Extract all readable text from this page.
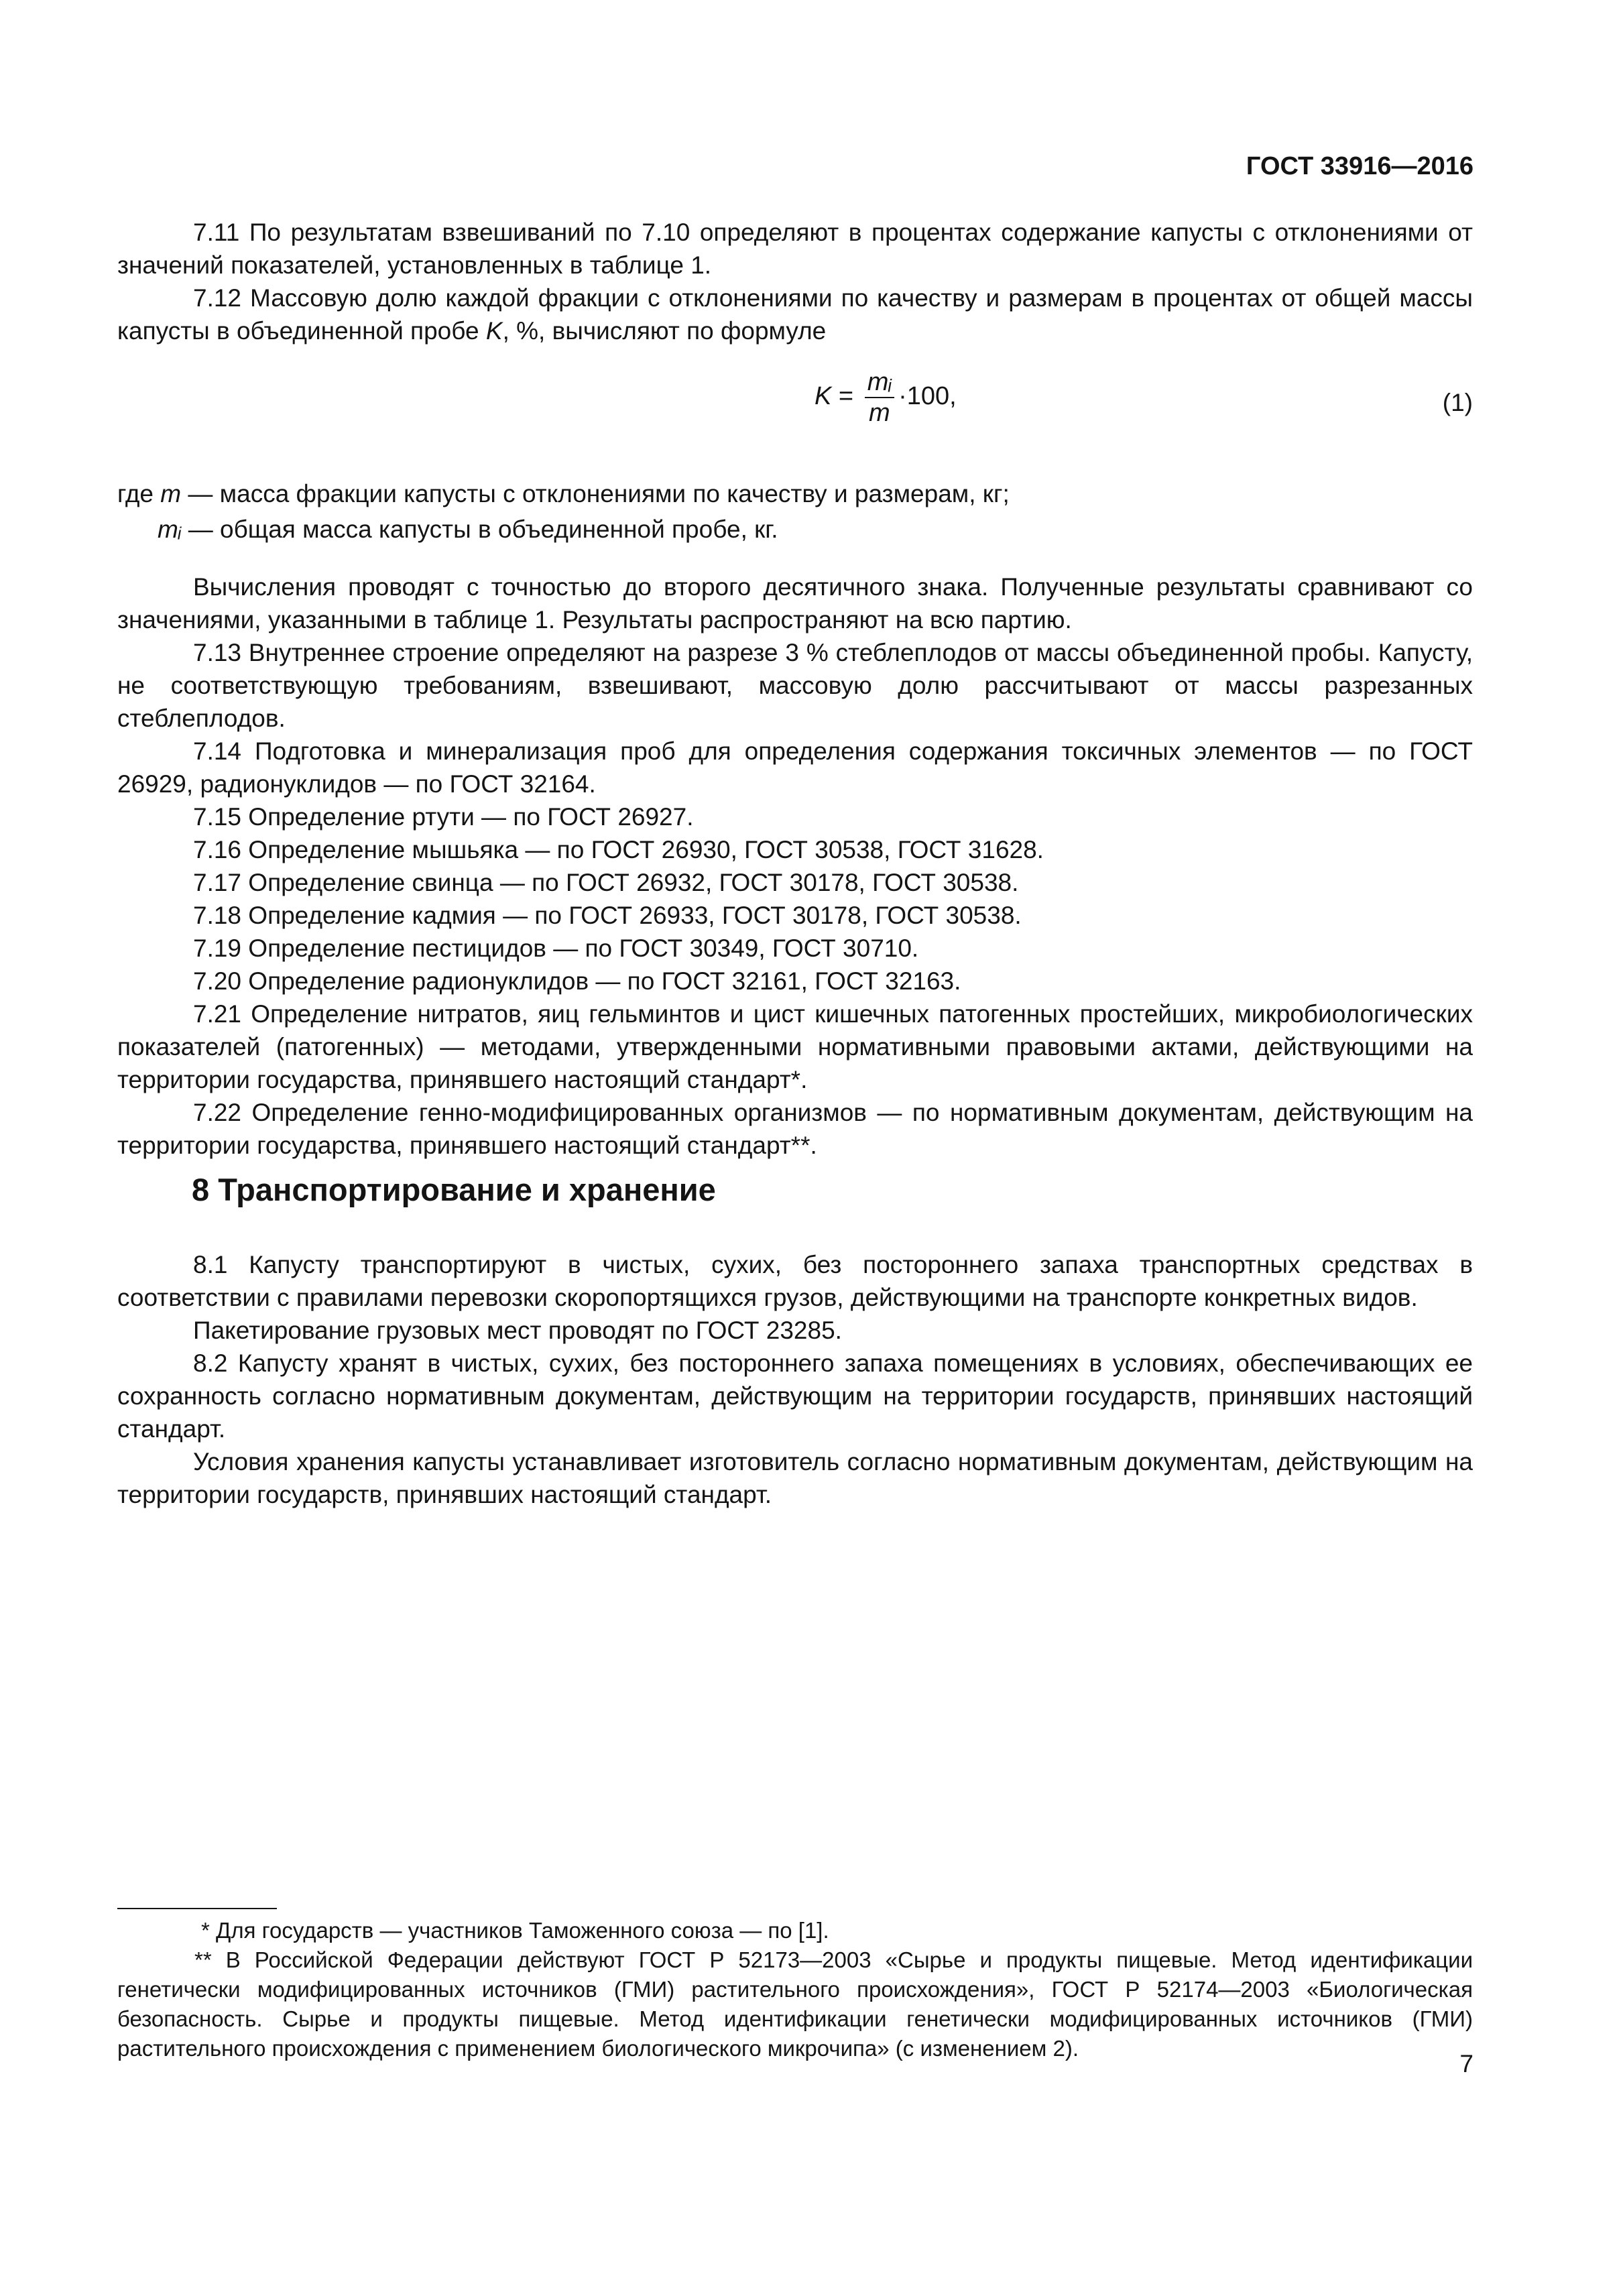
ГОСТ 33916—2016

7.11 По результатам взвешиваний по 7.10 определяют в процентах содержание капусты с отклонениями от значений показателей, установленных в таблице 1.

7.12 Массовую долю каждой фракции с отклонениями по качеству и размерам в процентах от общей массы капусты в объединенной пробе K, %, вычисляют по формуле

$K = \frac{\text{mᵢ}}{m} \cdot 100$,	(1)

где m — масса фракции капусты с отклонениями по качеству и размерам, кг;

mᵢ — общая масса капусты в объединенной пробе, кг.

Вычисления проводят с точностью до второго десятичного знака. Полученные результаты сравнивают со значениями, указанными в таблице 1. Результаты распространяют на всю партию.

7.13 Внутреннее строение определяют на разрезе 3 % стеблеплодов от массы объединенной пробы. Капусту, не соответствующую требованиям, взвешивают, массовую долю рассчитывают от массы разрезанных стеблеплодов.

7.14 Подготовка и минерализация проб для определения содержания токсичных элементов — по ГОСТ 26929, радионуклидов — по ГОСТ 32164.

7.15 Определение ртути — по ГОСТ 26927.

7.16 Определение мышьяка — по ГОСТ 26930, ГОСТ 30538, ГОСТ 31628.

7.17 Определение свинца — по ГОСТ 26932, ГОСТ 30178, ГОСТ 30538.

7.18 Определение кадмия — по ГОСТ 26933, ГОСТ 30178, ГОСТ 30538.

7.19 Определение пестицидов — по ГОСТ 30349, ГОСТ 30710.

7.20 Определение радионуклидов — по ГОСТ 32161, ГОСТ 32163.

7.21 Определение нитратов, яиц гельминтов и цист кишечных патогенных простейших, микробиологических показателей (патогенных) — методами, утвержденными нормативными правовыми актами, действующими на территории государства, принявшего настоящий стандарт*.

7.22 Определение генно-модифицированных организмов — по нормативным документам, действующим на территории государства, принявшего настоящий стандарт**.

8 Транспортирование и хранение

8.1 Капусту транспортируют в чистых, сухих, без постороннего запаха транспортных средствах в соответствии с правилами перевозки скоропортящихся грузов, действующими на транспорте конкретных видов.

Пакетирование грузовых мест проводят по ГОСТ 23285.

8.2 Капусту хранят в чистых, сухих, без постороннего запаха помещениях в условиях, обеспечивающих ее сохранность согласно нормативным документам, действующим на территории государств, принявших настоящий стандарт.

Условия хранения капусты устанавливает изготовитель согласно нормативным документам, действующим на территории государств, принявших настоящий стандарт.

* Для государств — участников Таможенного союза — по [1].

** В Российской Федерации действуют ГОСТ Р 52173—2003 «Сырье и продукты пищевые. Метод идентификации генетически модифицированных источников (ГМИ) растительного происхождения», ГОСТ Р 52174—2003 «Биологическая безопасность. Сырье и продукты пищевые. Метод идентификации генетически модифицированных источников (ГМИ) растительного происхождения с применением биологического микрочипа» (с изменением 2).

7
